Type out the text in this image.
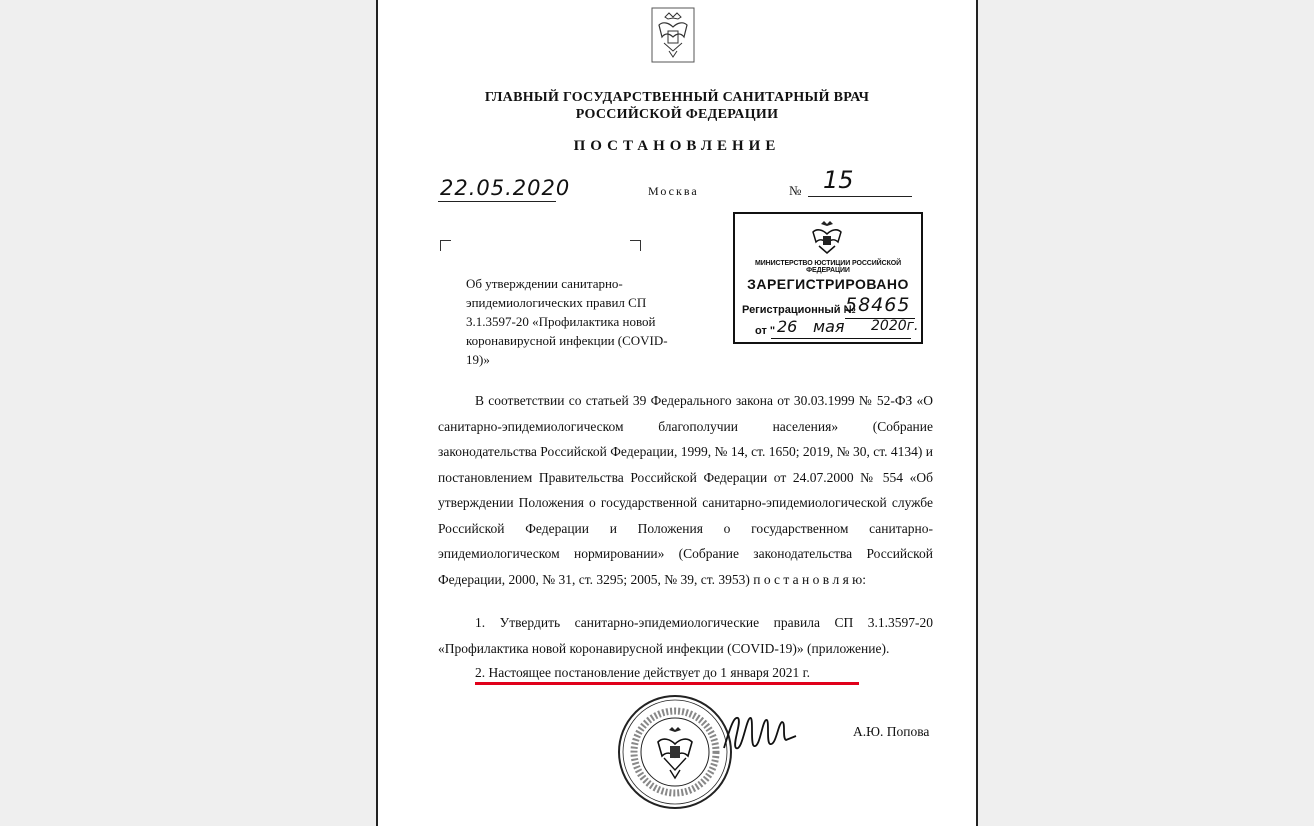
ГЛАВНЫЙ ГОСУДАРСТВЕННЫЙ САНИТАРНЫЙ ВРАЧ
РОССИЙСКОЙ ФЕДЕРАЦИИ
ПОСТАНОВЛЕНИЕ
22.05.2020	Москва	№ 15
Об утверждении санитарно-эпидемиологических правил СП 3.1.3597-20 «Профилактика новой коронавирусной инфекции (COVID-19)»
МИНИСТЕРСТВО ЮСТИЦИИ РОССИЙСКОЙ ФЕДЕРАЦИИ
ЗАРЕГИСТРИРОВАНО
Регистрационный №
58465
от " 26 мая 2020г.
В соответствии со статьей 39 Федерального закона от 30.03.1999 № 52-ФЗ «О санитарно-эпидемиологическом благополучии населения» (Собрание законодательства Российской Федерации, 1999, № 14, ст. 1650; 2019, № 30, ст. 4134) и постановлением Правительства Российской Федерации от 24.07.2000 № 554 «Об утверждении Положения о государственной санитарно-эпидемиологической службе Российской Федерации и Положения о государственном санитарно-эпидемиологическом нормировании» (Собрание законодательства Российской Федерации, 2000, № 31, ст. 3295; 2005, № 39, ст. 3953) п о с т а н о в л я ю:
1. Утвердить санитарно-эпидемиологические правила СП 3.1.3597-20 «Профилактика новой коронавирусной инфекции (COVID-19)» (приложение).
2. Настоящее постановление действует до 1 января 2021 г.
А.Ю. Попова
